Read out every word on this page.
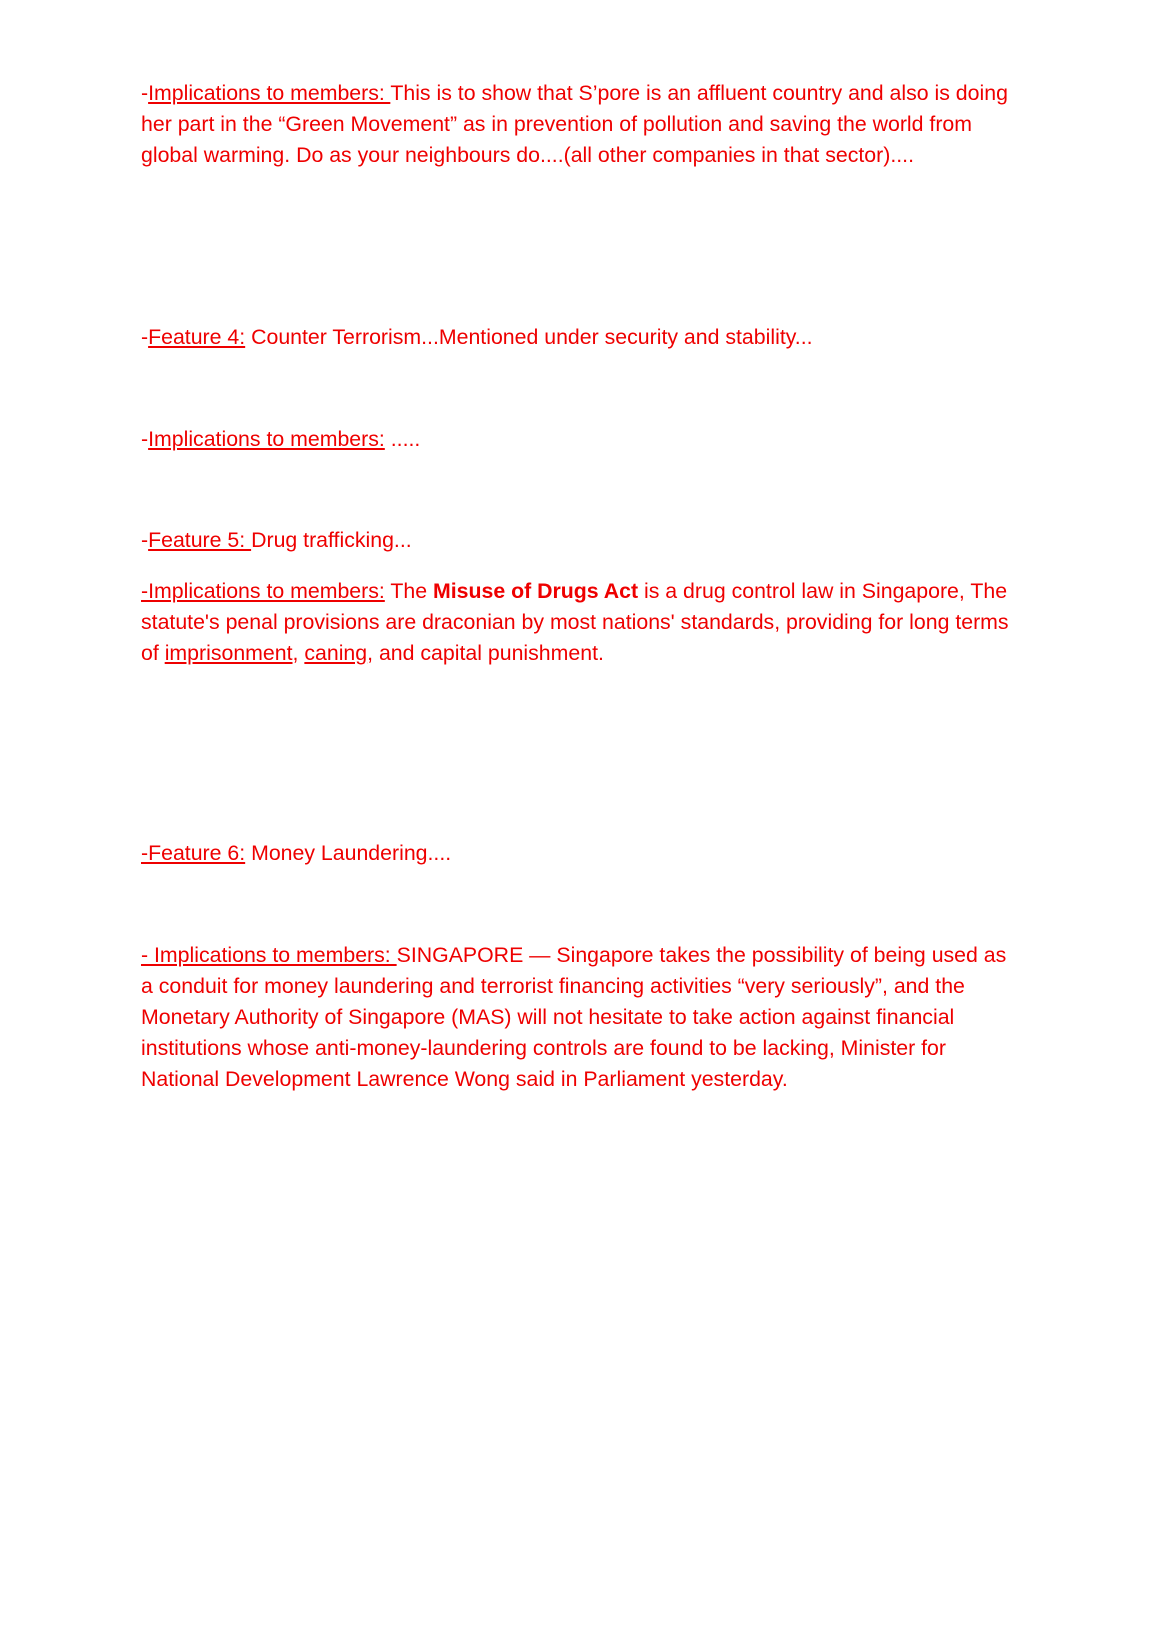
-Implications to members: This is to show that S’pore is an affluent country and also is doing her part in the “Green Movement” as in prevention of pollution and saving the world from global warming. Do as your neighbours do....(all other companies in that sector)....

-Feature 4: Counter Terrorism...Mentioned under security and stability...

-Implications to members: .....

-Feature 5: Drug trafficking...

-Implications to members: The Misuse of Drugs Act is a drug control law in Singapore, The statute's penal provisions are draconian by most nations' standards, providing for long terms of imprisonment, caning, and capital punishment.

-Feature 6: Money Laundering....

- Implications to members: SINGAPORE — Singapore takes the possibility of being used as a conduit for money laundering and terrorist financing activities “very seriously”, and the Monetary Authority of Singapore (MAS) will not hesitate to take action against financial institutions whose anti-money-laundering controls are found to be lacking, Minister for National Development Lawrence Wong said in Parliament yesterday.
